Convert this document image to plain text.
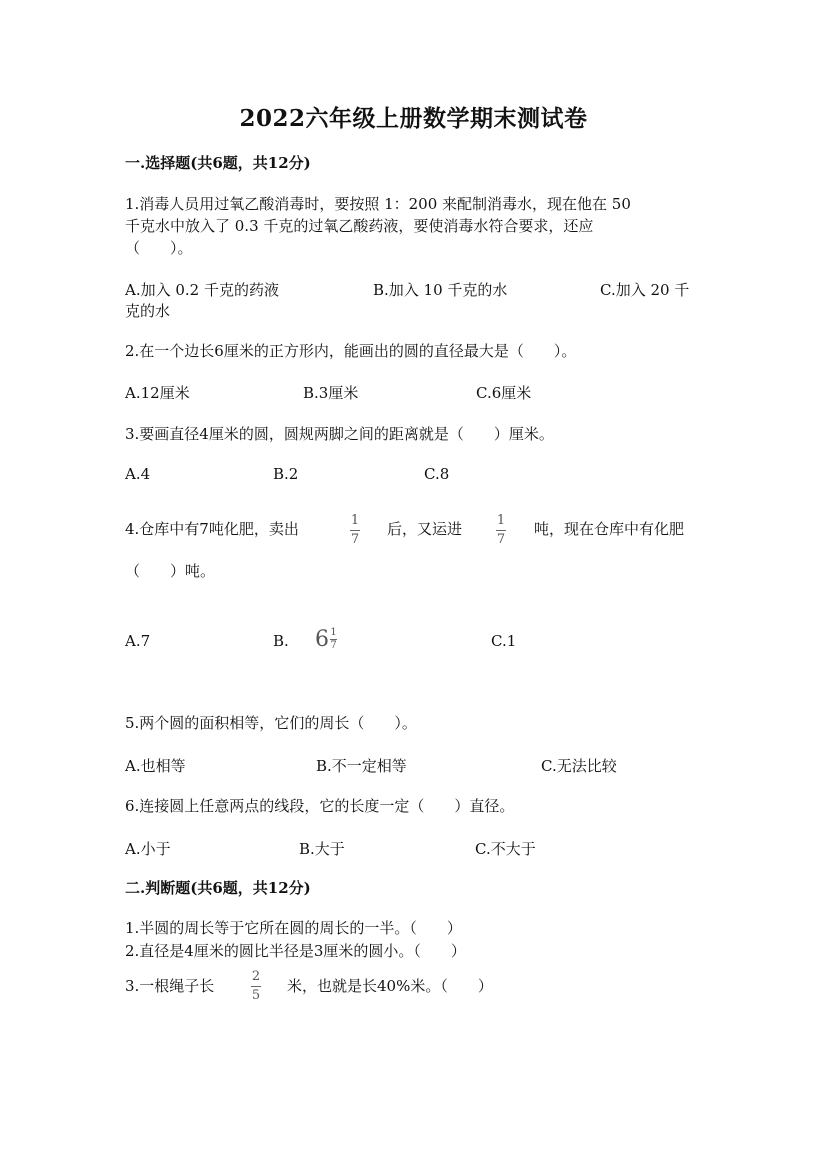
2022六年级上册数学期末测试卷
一.选择题(共6题，共12分)
1.消毒人员用过氧乙酸消毒时，要按照 1：200 来配制消毒水，现在他在 50
千克水中放入了 0.3 千克的过氧乙酸药液，要使消毒水符合要求，还应
（　　）。
A.加入 0.2 千克的药液	B.加入 10 千克的水	C.加入 20 千
克的水
2.在一个边长6厘米的正方形内，能画出的圆的直径最大是（　　）。
A.12厘米	B.3厘米	C.6厘米
3.要画直径4厘米的圆，圆规两脚之间的距离就是（　　）厘米。
A.4	B.2	C.8
4.仓库中有7吨化肥，卖出	1
7
后，又运进	1
7
吨，现在仓库中有化肥
（　　）吨。
A.7	B. $6 \frac{1}{7}$	C.1
5.两个圆的面积相等，它们的周长（　　）。
A.也相等	B.不一定相等	C.无法比较
6.连接圆上任意两点的线段，它的长度一定（　　）直径。
A.小于	B.大于	C.不大于
二.判断题(共6题，共12分)
1.半圆的周长等于它所在圆的周长的一半。（　　）
2.直径是4厘米的圆比半径是3厘米的圆小。（　　）
3.一根绳子长
2
5
米，也就是长40%米。（　　）
